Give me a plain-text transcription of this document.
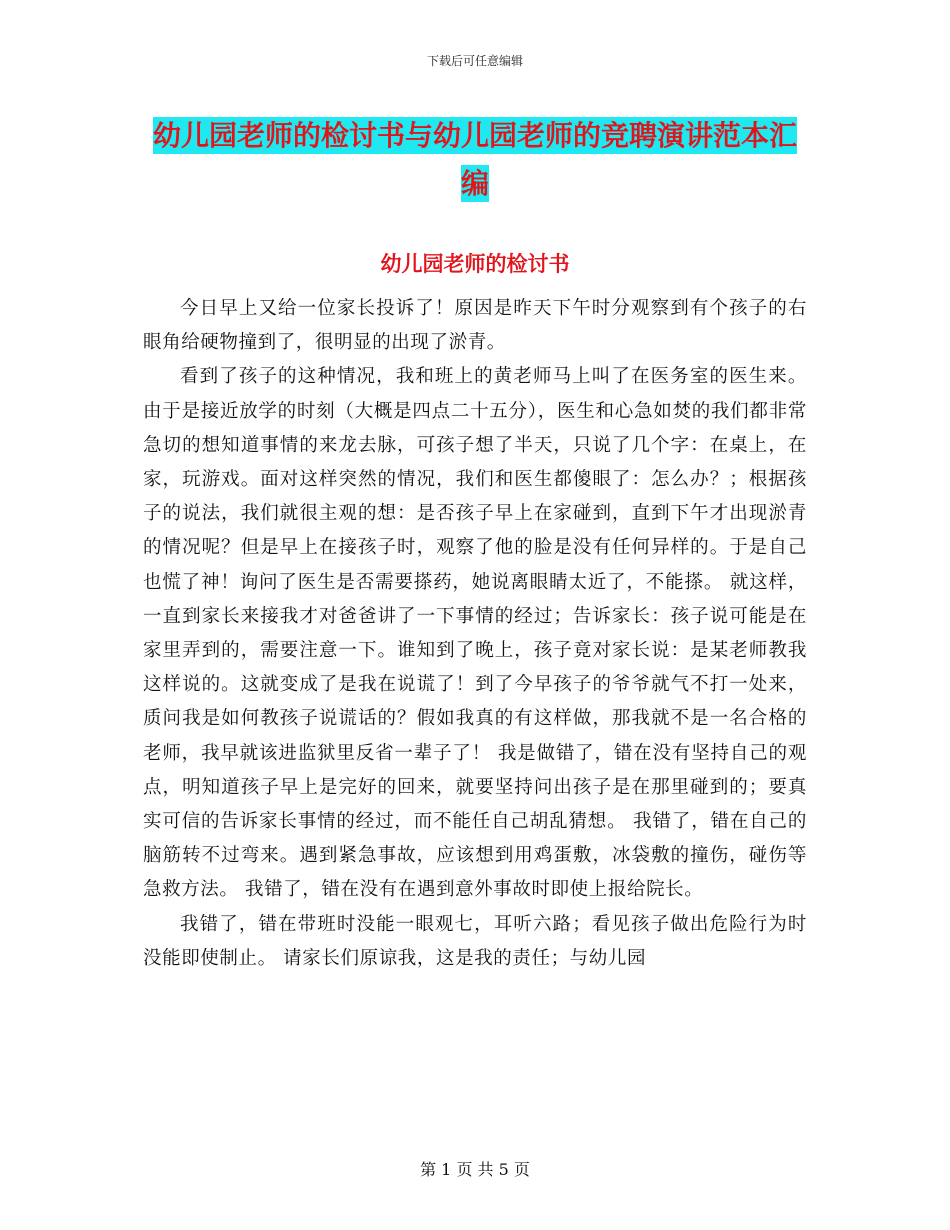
下载后可任意编辑
幼儿园老师的检讨书与幼儿园老师的竞聘演讲范本汇
编
幼儿园老师的检讨书

今日早上又给一位家长投诉了！原因是昨天下午时分观察到有个孩子的右眼角给硬物撞到了，很明显的出现了淤青。

看到了孩子的这种情况，我和班上的黄老师马上叫了在医务室的医生来。由于是接近放学的时刻（大概是四点二十五分），医生和心急如焚的我们都非常急切的想知道事情的来龙去脉，可孩子想了半天，只说了几个字：在桌上，在家，玩游戏。面对这样突然的情况，我们和医生都傻眼了：怎么办？；根据孩子的说法，我们就很主观的想：是否孩子早上在家碰到，直到下午才出现淤青的情况呢？但是早上在接孩子时，观察了他的脸是没有任何异样的。于是自己也慌了神！询问了医生是否需要搽药，她说离眼睛太近了，不能搽。 就这样，一直到家长来接我才对爸爸讲了一下事情的经过；告诉家长：孩子说可能是在家里弄到的，需要注意一下。谁知到了晚上，孩子竟对家长说：是某老师教我这样说的。这就变成了是我在说谎了！到了今早孩子的爷爷就气不打一处来，质问我是如何教孩子说谎话的？假如我真的有这样做，那我就不是一名合格的老师，我早就该进监狱里反省一辈子了！ 我是做错了，错在没有坚持自己的观点，明知道孩子早上是完好的回来，就要坚持问出孩子是在那里碰到的；要真实可信的告诉家长事情的经过，而不能任自己胡乱猜想。 我错了，错在自己的脑筋转不过弯来。遇到紧急事故，应该想到用鸡蛋敷，冰袋敷的撞伤，碰伤等急救方法。 我错了，错在没有在遇到意外事故时即使上报给院长。

我错了，错在带班时没能一眼观七，耳听六路；看见孩子做出危险行为时没能即使制止。 请家长们原谅我，这是我的责任；与幼儿园

第 1 页 共 5 页
